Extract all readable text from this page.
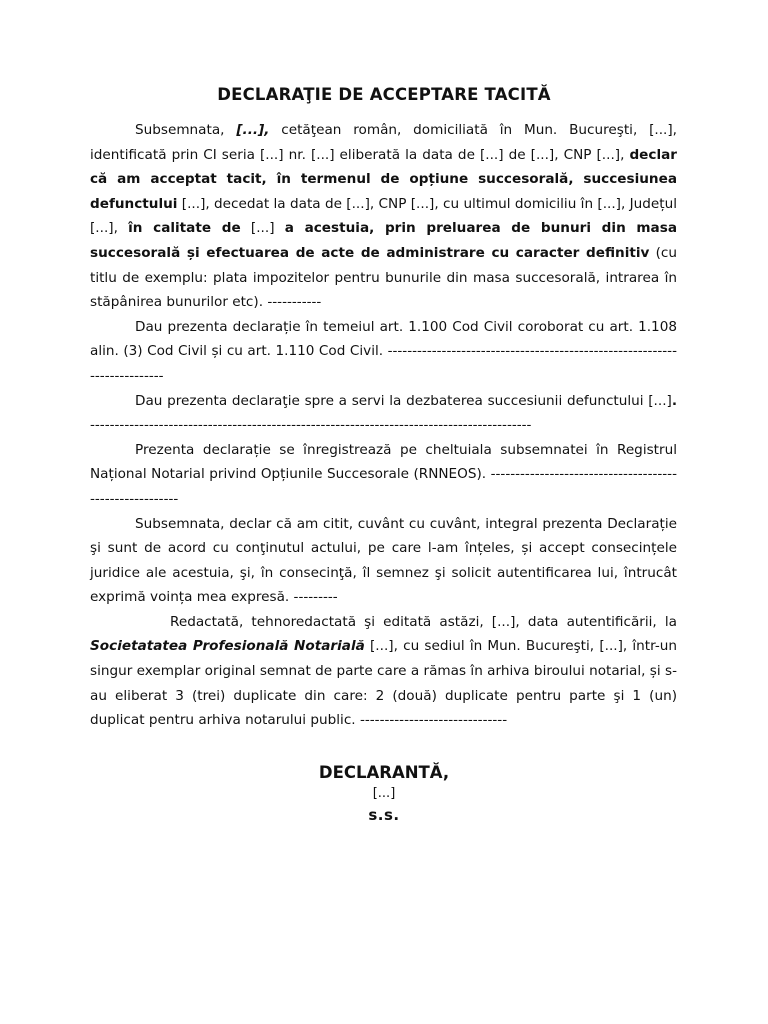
DECLARAŢIE DE ACCEPTARE TACITĂ

Subsemnata, [...], cetăţean român, domiciliată în Mun. Bucureşti, [...], identificată prin CI seria [...] nr. [...] eliberată la data de [...] de [...], CNP [...], declar că am acceptat tacit, în termenul de opțiune succesorală, succesiunea defunctului [...], decedat la data de [...], CNP [...], cu ultimul domiciliu în [...], Județul [...], în calitate de [...] a acestuia, prin preluarea de bunuri din masa succesorală și efectuarea de acte de administrare cu caracter definitiv (cu titlu de exemplu: plata impozitelor pentru bunurile din masa succesorală, intrarea în stăpânirea bunurilor etc). -----------

Dau prezenta declarație în temeiul art. 1.100 Cod Civil coroborat cu art. 1.108 alin. (3) Cod Civil și cu art. 1.110 Cod Civil. --------------------------------------------------------------------------

Dau prezenta declaraţie spre a servi la dezbaterea succesiunii defunctului [...]. ------------------------------------------------------------------------------------------

Prezenta declarație se înregistrează pe cheltuiala subsemnatei în Registrul Național Notarial privind Opțiunile Succesorale (RNNEOS). --------------------------------------------------------

Subsemnata, declar că am citit, cuvânt cu cuvânt, integral prezenta Declarație şi sunt de acord cu conţinutul actului, pe care l-am înțeles, și accept consecințele juridice ale acestuia, şi, în consecinţă, îl semnez şi solicit autentificarea lui, întrucât exprimă voința mea expresă. ---------

Redactată, tehnoredactată şi editată astăzi, [...], data autentificării, la Societatatea Profesională Notarială [...], cu sediul în Mun. Bucureşti, [...], într-un singur exemplar original semnat de parte care a rămas în arhiva biroului notarial, și s-au eliberat 3 (trei) duplicate din care: 2 (două) duplicate pentru parte şi 1 (un) duplicat pentru arhiva notarului public. ------------------------------

DECLARANTĂ,
[...]
s.s.
